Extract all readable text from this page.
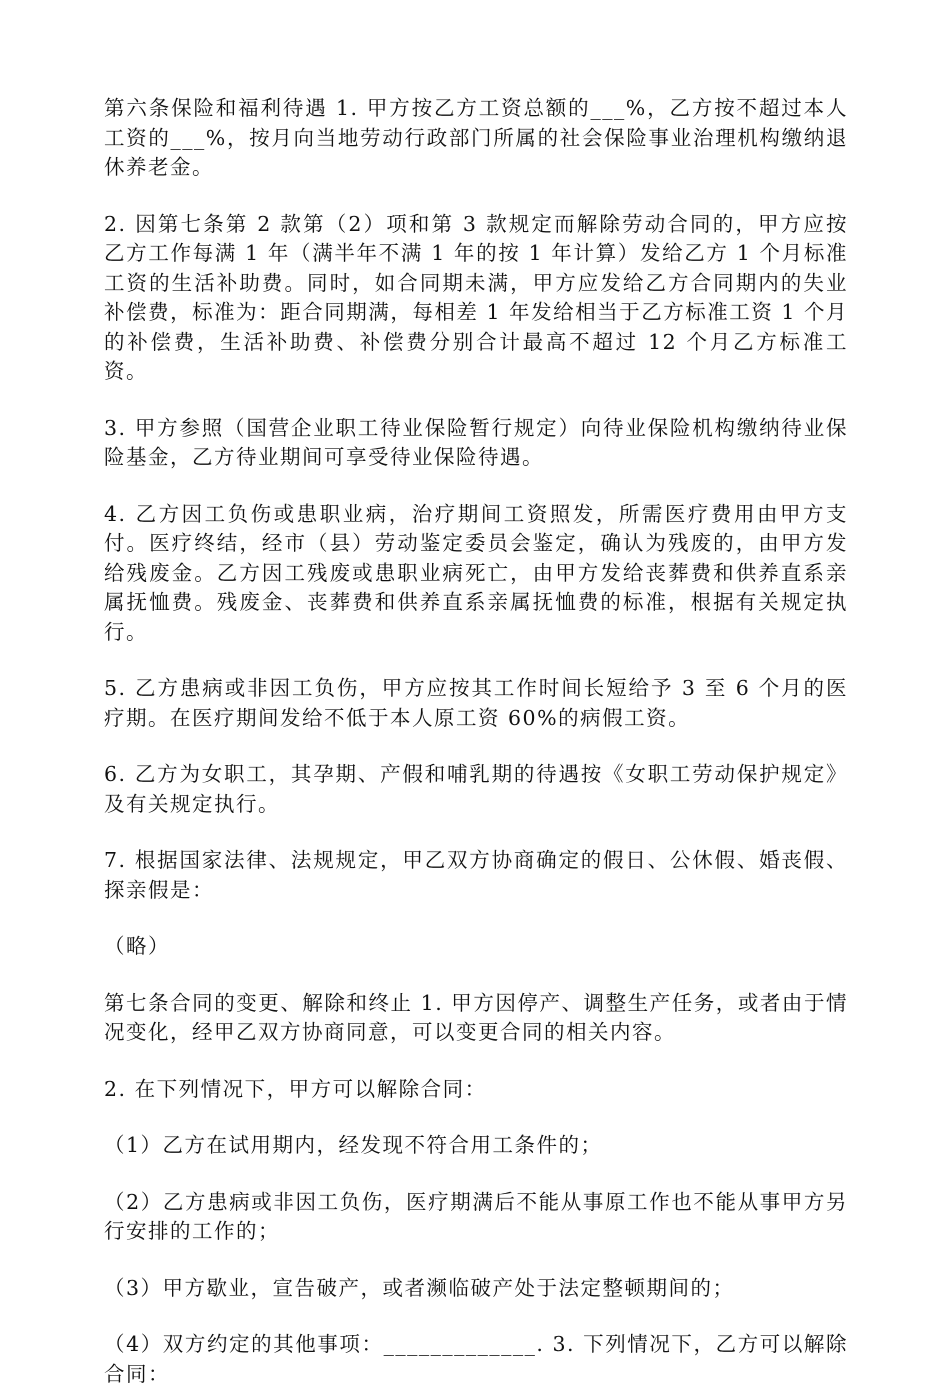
第六条保险和福利待遇 1. 甲方按乙方工资总额的___%，乙方按不超过本人工资的___%，按月向当地劳动行政部门所属的社会保险事业治理机构缴纳退休养老金。

2. 因第七条第 2 款第（2）项和第 3 款规定而解除劳动合同的，甲方应按乙方工作每满 1 年（满半年不满 1 年的按 1 年计算）发给乙方 1 个月标准工资的生活补助费。同时，如合同期未满，甲方应发给乙方合同期内的失业补偿费，标准为：距合同期满，每相差 1 年发给相当于乙方标准工资 1 个月的补偿费，生活补助费、补偿费分别合计最高不超过 12 个月乙方标准工资。

3. 甲方参照（国营企业职工待业保险暂行规定）向待业保险机构缴纳待业保险基金，乙方待业期间可享受待业保险待遇。

4. 乙方因工负伤或患职业病，治疗期间工资照发，所需医疗费用由甲方支付。医疗终结，经市（县）劳动鉴定委员会鉴定，确认为残废的，由甲方发给残废金。乙方因工残废或患职业病死亡，由甲方发给丧葬费和供养直系亲属抚恤费。残废金、丧葬费和供养直系亲属抚恤费的标准，根据有关规定执行。

5. 乙方患病或非因工负伤，甲方应按其工作时间长短给予 3 至 6 个月的医疗期。在医疗期间发给不低于本人原工资 60%的病假工资。

6. 乙方为女职工，其孕期、产假和哺乳期的待遇按《女职工劳动保护规定》及有关规定执行。

7. 根据国家法律、法规规定，甲乙双方协商确定的假日、公休假、婚丧假、探亲假是：

（略）

第七条合同的变更、解除和终止 1. 甲方因停产、调整生产任务，或者由于情况变化，经甲乙双方协商同意，可以变更合同的相关内容。

2. 在下列情况下，甲方可以解除合同：

（1）乙方在试用期内，经发现不符合用工条件的；

（2）乙方患病或非因工负伤，医疗期满后不能从事原工作也不能从事甲方另行安排的工作的；

（3）甲方歇业，宣告破产，或者濒临破产处于法定整顿期间的；

（4）双方约定的其他事项：_____________. 3. 下列情况下，乙方可以解除合同：
